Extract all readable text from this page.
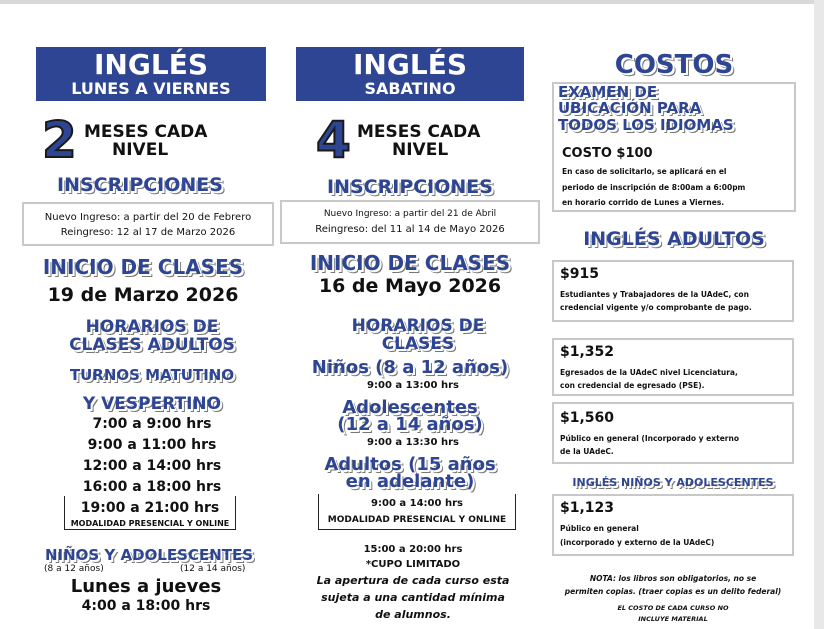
INGLÉS
LUNES A VIERNES
2 MESES CADA
NIVEL
INSCRIPCIONES
Nuevo Ingreso: a partir del 20 de Febrero
Reingreso: 12 al 17 de Marzo 2026
INICIO DE CLASES
19 de Marzo 2026
HORARIOS DE
CLASES ADULTOS
TURNOS MATUTINO
Y VESPERTINO
7:00 a 9:00 hrs
9:00 a 11:00 hrs
12:00 a 14:00 hrs
16:00 a 18:00 hrs
19:00 a 21:00 hrs
MODALIDAD PRESENCIAL Y ONLINE
NIÑOS Y ADOLESCENTES
(8 a 12 años)	(12 a 14 años)
Lunes a jueves
4:00 a 18:00 hrs
INGLÉS
SABATINO
4 MESES CADA
NIVEL
INSCRIPCIONES
Nuevo Ingreso: a partir del 21 de Abril
Reingreso: del 11 al 14 de Mayo 2026
INICIO DE CLASES
16 de Mayo 2026
HORARIOS DE
CLASES
Niños (8 a 12 años)
9:00 a 13:00 hrs
Adolescentes
(12 a 14 años)
9:00 a 13:30 hrs
Adultos (15 años
en adelante)
9:00 a 14:00 hrs
MODALIDAD PRESENCIAL Y ONLINE
15:00 a 20:00 hrs
*CUPO LIMITADO
La apertura de cada curso esta
sujeta a una cantidad mínima
de alumnos.
COSTOS
EXAMEN DE
UBICACIÓN PARA
TODOS LOS IDIOMAS
COSTO $100
En caso de solicitarlo, se aplicará en el
periodo de inscripción de 8:00am a 6:00pm
en horario corrido de Lunes a Viernes.
INGLÉS ADULTOS
$915
Estudiantes y Trabajadores de la UAdeC, con
credencial vigente y/o comprobante de pago.
$1,352
Egresados de la UAdeC nivel Licenciatura,
con credencial de egresado (PSE).
$1,560
Público en general (Incorporado y externo
de la UAdeC.
INGLÉS NIÑOS Y ADOLESCENTES
$1,123
Público en general
(incorporado y externo de la UAdeC)
NOTA: los libros son obligatorios, no se
permiten copias. (traer copias es un delito federal)
EL COSTO DE CADA CURSO NO
INCLUYE MATERIAL
